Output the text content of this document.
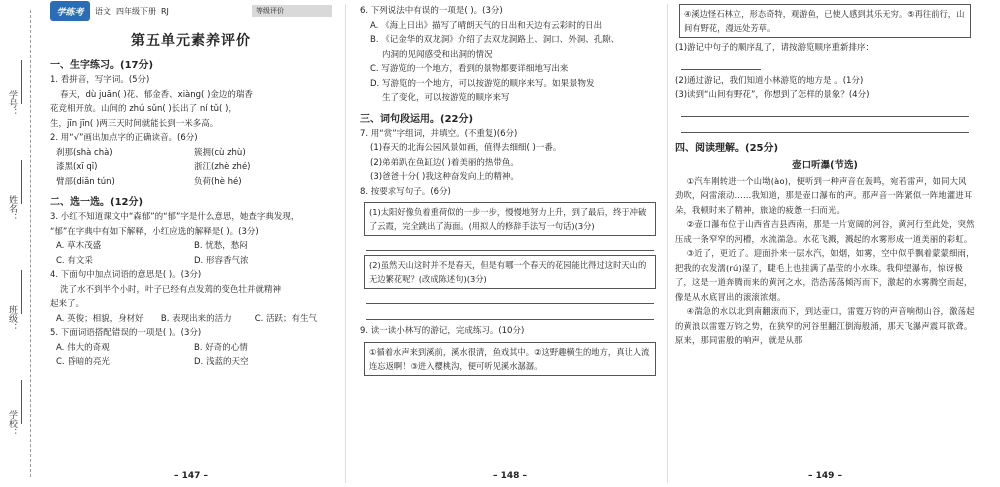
学号：
姓名：
班级：
学校：
学练考	语文 四年级下册 RJ	等级评价
第五单元素养评价
一、生字练习。(17分)
1. 看拼音，写字词。(5分)
春天，dù juān( )花、郁金香、xiàng( )金边的瑞香
花竞相开放。山间的 zhú sǔn( )长出了 ní tǔ( )，
生，jīn jīn( )两三天时间就能长到一米多高。
2. 用“√”画出加点字的正确读音。(6分)
刹那(shà chà)	簇拥(cù zhù)
漆黑(xī qī)	浙江(zhè zhé)
臂部(diǎn tún)	负荷(hè hé)
二、选一选。(12分)
3. 小红不知道课文中“森郁”的“郁”字是什么意思，她查字典发现，
“郁”在字典中有如下解释，小红应选的解释是( )。(3分)
A. 草木茂盛	B. 忧愁，愁闷
C. 有文采	D. 形容香气浓
4. 下面句中加点词语的意思是( )。(3分)
洗了水不到半个小时，叶子已经有点发蔫的变色壮并就精神
起来了。
A. 英俊；相貌，身材好	B. 表现出来的活力	C. 活跃；有生气
5. 下面词语搭配错误的一项是( )。(3分)
A. 伟大的奇观	B. 好奇的心情
C. 昏暗的亮光	D. 浅蓝的天空
– 147 –
6. 下列说法中有误的一项是( )。(3分)
A. 《海上日出》描写了晴朗天气的日出和天边有云彩时的日出
B. 《记金华的双龙洞》介绍了去双龙洞路上、洞口、外洞、孔隙、
内洞的见闻感受和出洞的情况
C. 写游览的一个地方，看到的景物都要详细地写出来
D. 写游览的一个地方，可以按游览的顺序来写。如果景物发
生了变化，可以按游览的顺序来写
三、词句段运用。(22分)
7. 用“赏”字组词，并填空。(不重复)(6分)
(1)春天的北海公园风景如画，值得去细细( )一番。
(2)弟弟趴在鱼缸边( )着美丽的热带鱼。
(3)爸爸十分( )我这种奋发向上的精神。
8. 按要求写句子。(6分)
(1)太阳好像负着重荷似的一步一步，慢慢地努力上升，到了最后，终于冲破了云霞，完全跳出了海面。(用拟人的修辞手法写一句话)(3分)
(2)虽然天山这时并不是春天，但是有哪一个春天的花园能比得过这时天山的无边繁花呢？(改成陈述句)(3分)
9. 读一读小林写的游记，完成练习。(10分)
①循着水声来到溪前，溪水很清，鱼戏其中。②这野趣横生的地方，真让人流连忘返啊！③进入樱桃沟，便可听见溪水潺潺。
– 148 –
④溪边怪石林立，形态奇特，观游鱼，已使人感到其乐无穷。⑤再往前行，山间有野花，漫远处芳草。
(1)游记中句子的顺序乱了，请按游览顺序重新排序：
(2)通过游记，我们知道小林游览的地方是 。(1分)
(3)读到“山间有野花”，你想到了怎样的景象？(4分)
四、阅读理解。(25分)
壶口听瀑(节选)
①汽车刚转进一个山坳(ào)，便听到一种声音在轰鸣，宛若雷声，如同大风劲吹，闷雷滚动……我知道，那是壶口瀑布的声。那声音一阵紧似一阵地灌进耳朵，我顿时来了精神，旅途的疲惫一扫而光。
②壶口瀑布位于山西省吉县西南，那是一片宽阔的河谷，黄河行至此处，突然压成一条窄窄的河槽，水流湍急。水花飞溅，溅起的水雾形成一道美丽的彩虹。
③近了，更近了。迎面扑来一层水汽，如烟，如雾，空中似乎飘着蒙蒙细雨，把我的衣发濡(rú)湿了，睫毛上也挂满了晶莹的小水珠。我仰望瀑布，惊讶极了，这是一道奔腾而来的黄河之水，浩浩荡荡倾泻而下，激起的水雾腾空而起，像是从水底冒出的滚滚浓烟。
④湍急的水以北到南翻滚而下，到达壶口，雷霆万钧的声音响彻山谷，激荡起的黄浪以雷霆万钧之势，在狭窄的河谷里翻江倒海般涌，那天飞瀑声震耳欲聋。原来，那同雷般的响声，就是从那
– 149 –
